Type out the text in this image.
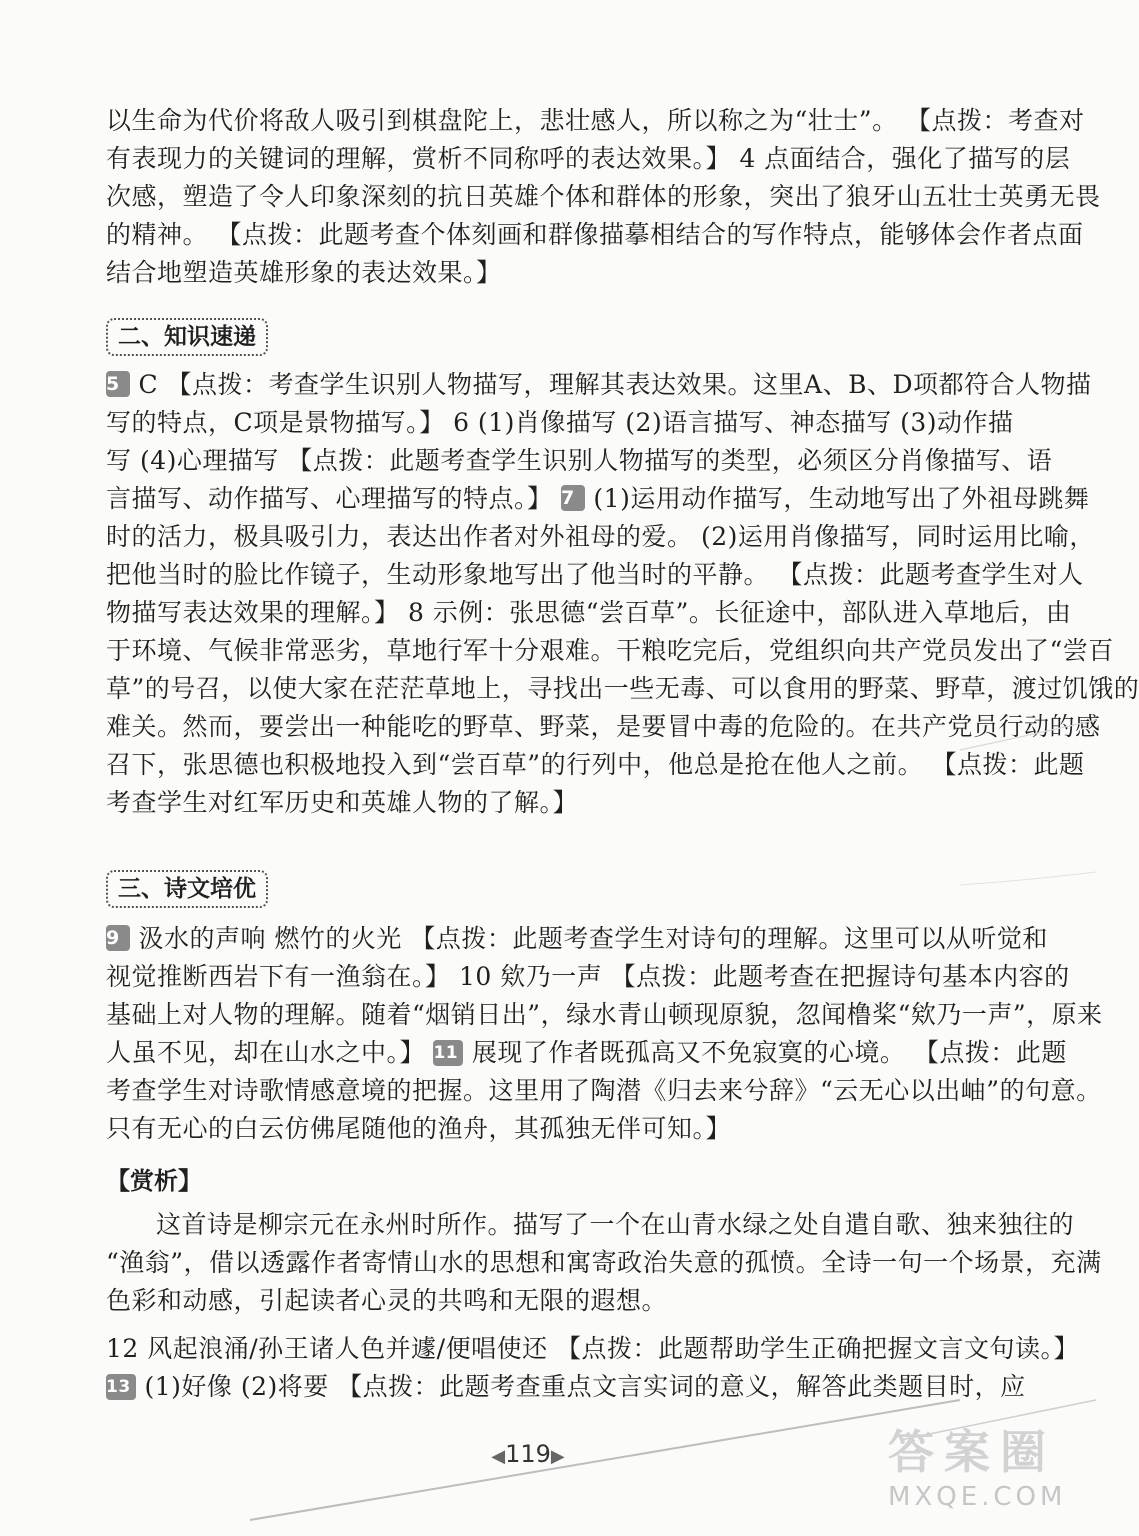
以生命为代价将敌人吸引到棋盘陀上，悲壮感人，所以称之为“壮士”。 【点拨：考查对
有表现力的关键词的理解，赏析不同称呼的表达效果。】 4 点面结合，强化了描写的层
次感，塑造了令人印象深刻的抗日英雄个体和群体的形象，突出了狼牙山五壮士英勇无畏
的精神。 【点拨：此题考查个体刻画和群像描摹相结合的写作特点，能够体会作者点面
结合地塑造英雄形象的表达效果。】
二、知识速递
5 C 【点拨：考查学生识别人物描写，理解其表达效果。这里A、B、D项都符合人物描
写的特点，C项是景物描写。】 6 (1)肖像描写 (2)语言描写、神态描写 (3)动作描
写 (4)心理描写 【点拨：此题考查学生识别人物描写的类型，必须区分肖像描写、语
言描写、动作描写、心理描写的特点。】 7 (1)运用动作描写，生动地写出了外祖母跳舞
时的活力，极具吸引力，表达出作者对外祖母的爱。 (2)运用肖像描写，同时运用比喻，
把他当时的脸比作镜子，生动形象地写出了他当时的平静。 【点拨：此题考查学生对人
物描写表达效果的理解。】 8 示例：张思德“尝百草”。长征途中，部队进入草地后，由
于环境、气候非常恶劣，草地行军十分艰难。干粮吃完后，党组织向共产党员发出了“尝百
草”的号召，以使大家在茫茫草地上，寻找出一些无毒、可以食用的野菜、野草，渡过饥饿的
难关。然而，要尝出一种能吃的野草、野菜，是要冒中毒的危险的。在共产党员行动的感
召下，张思德也积极地投入到“尝百草”的行列中，他总是抢在他人之前。 【点拨：此题
考查学生对红军历史和英雄人物的了解。】
三、诗文培优
9 汲水的声响 燃竹的火光 【点拨：此题考查学生对诗句的理解。这里可以从听觉和
视觉推断西岩下有一渔翁在。】 10 欸乃一声 【点拨：此题考查在把握诗句基本内容的
基础上对人物的理解。随着“烟销日出”，绿水青山顿现原貌，忽闻橹桨“欸乃一声”，原来
人虽不见，却在山水之中。】 11 展现了作者既孤高又不免寂寞的心境。 【点拨：此题
考查学生对诗歌情感意境的把握。这里用了陶潜《归去来兮辞》“云无心以出岫”的句意。
只有无心的白云仿佛尾随他的渔舟，其孤独无伴可知。】
【赏析】
这首诗是柳宗元在永州时所作。描写了一个在山青水绿之处自遣自歌、独来独往的
“渔翁”，借以透露作者寄情山水的思想和寓寄政治失意的孤愤。全诗一句一个场景，充满
色彩和动感，引起读者心灵的共鸣和无限的遐想。
12 风起浪涌/孙王诸人色并遽/便唱使还 【点拨：此题帮助学生正确把握文言文句读。】
13 (1)好像 (2)将要 【点拨：此题考查重点文言实词的意义，解答此类题目时，应
◀119▶	答案圈
MXQE.COM
